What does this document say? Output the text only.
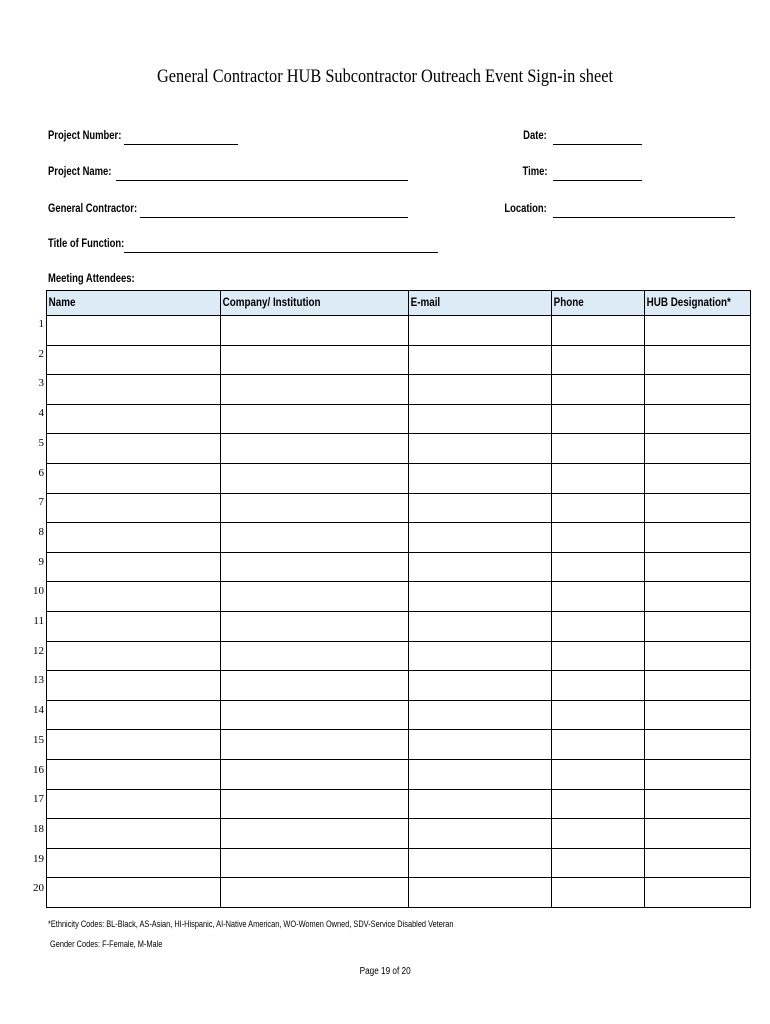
General Contractor HUB Subcontractor Outreach Event Sign-in sheet
Project Number:
Project Name:
General Contractor:
Title of Function:
Meeting Attendees:
Date:
Time:
Location:
Name	Company/ Institution	E-mail	Phone	HUB Designation*

1
2
3
4
5
6
7
8
9
10
11
12
13
14
15
16
17
18
19
20
*Ethnicity Codes: BL-Black, AS-Asian, HI-Hispanic, AI-Native American, WO-Women Owned, SDV-Service Disabled Veteran
Gender Codes: F-Female, M-Male
Page 19 of 20
